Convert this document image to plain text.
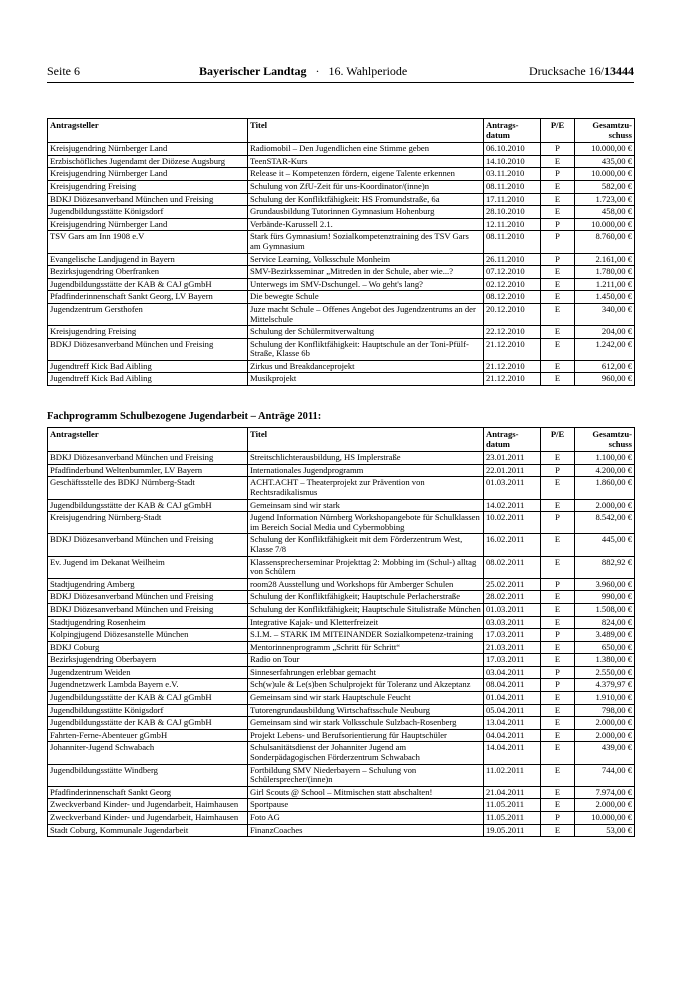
Seite 6	Bayerischer Landtag · 16. Wahlperiode	Drucksache 16/13444
Antragsteller	Titel	Antrags-datum	P/E	Gesamtzu-schuss
Kreisjugendring Nürnberger Land	Radiomobil – Den Jugendlichen eine Stimme geben	06.10.2010	P	10.000,00 €
Erzbischöfliches Jugendamt der Diözese Augsburg	TeenSTAR-Kurs	14.10.2010	E	435,00 €
Kreisjugendring Nürnberger Land	Release it – Kompetenzen fördern, eigene Talente erkennen	03.11.2010	P	10.000,00 €
Kreisjugendring Freising	Schulung von ZfU-Zeit für uns-Koordinator/(inne)n	08.11.2010	E	582,00 €
BDKJ Diözesanverband München und Freising	Schulung der Konfliktfähigkeit: HS Fromundstraße, 6a	17.11.2010	E	1.723,00 €
Jugendbildungsstätte Königsdorf	Grundausbildung Tutorinnen Gymnasium Hohenburg	28.10.2010	E	458,00 €
Kreisjugendring Nürnberger Land	Verbände-Karussell 2.1.	12.11.2010	P	10.000,00 €
TSV Gars am Inn 1908 e.V	Stark fürs Gymnasium! Sozialkompetenztraining des TSV Gars am Gymnasium	08.11.2010	P	8.760,00 €
Evangelische Landjugend in Bayern	Service Learning, Volksschule Monheim	26.11.2010	P	2.161,00 €
Bezirksjugendring Oberfranken	SMV-Bezirksseminar „Mitreden in der Schule, aber wie...?	07.12.2010	E	1.780,00 €
Jugendbildungsstätte der KAB & CAJ gGmbH	Unterwegs im SMV-Dschungel. – Wo geht's lang?	02.12.2010	E	1.211,00 €
Pfadfinderinnenschaft Sankt Georg, LV Bayern	Die bewegte Schule	08.12.2010	E	1.450,00 €
Jugendzentrum Gersthofen	Juze macht Schule – Offenes Angebot des Jugendzentrums an der Mittelschule	20.12.2010	E	340,00 €
Kreisjugendring Freising	Schulung der Schülermitverwaltung	22.12.2010	E	204,00 €
BDKJ Diözesanverband München und Freising	Schulung der Konfliktfähigkeit: Hauptschule an der Toni-Pfülf-Straße, Klasse 6b	21.12.2010	E	1.242,00 €
Jugendtreff Kick Bad Aibling	Zirkus und Breakdanceprojekt	21.12.2010	E	612,00 €
Jugendtreff Kick Bad Aibling	Musikprojekt	21.12.2010	E	960,00 €
Fachprogramm Schulbezogene Jugendarbeit – Anträge 2011:
Antragsteller	Titel	Antrags-datum	P/E	Gesamtzu-schuss
BDKJ Diözesanverband München und Freising	Streitschlichterausbildung, HS Implerstraße	23.01.2011	E	1.100,00 €
Pfadfinderbund Weltenbummler, LV Bayern	Internationales Jugendprogramm	22.01.2011	P	4.200,00 €
Geschäftsstelle des BDKJ Nürnberg-Stadt	ACHT.ACHT – Theaterprojekt zur Prävention von Rechtsradikalismus	01.03.2011	E	1.860,00 €
Jugendbildungsstätte der KAB & CAJ gGmbH	Gemeinsam sind wir stark	14.02.2011	E	2.000,00 €
Kreisjugendring Nürnberg-Stadt	Jugend Information Nürnberg Workshopangebote für Schulklassen im Bereich Social Media und Cybermobbing	10.02.2011	P	8.542,00 €
BDKJ Diözesanverband München und Freising	Schulung der Konfliktfähigkeit mit dem Förderzentrum West, Klasse 7/8	16.02.2011	E	445,00 €
Ev. Jugend im Dekanat Weilheim	Klassensprecherseminar Projekttag 2: Mobbing im (Schul-) alltag von Schülern	08.02.2011	E	882,92 €
Stadtjugendring Amberg	room28 Ausstellung und Workshops für Amberger Schulen	25.02.2011	P	3.960,00 €
BDKJ Diözesanverband München und Freising	Schulung der Konfliktfähigkeit; Hauptschule Perlacherstraße	28.02.2011	E	990,00 €
BDKJ Diözesanverband München und Freising	Schulung der Konfliktfähigkeit; Hauptschule Situlistraße München	01.03.2011	E	1.508,00 €
Stadtjugendring Rosenheim	Integrative Kajak- und Kletterfreizeit	03.03.2011	E	824,00 €
Kolpingjugend Diözesanstelle München	S.I.M. – STARK IM MITEINANDER Sozialkompetenz-training	17.03.2011	P	3.489,00 €
BDKJ Coburg	Mentorinnenprogramm „Schritt für Schritt“	21.03.2011	E	650,00 €
Bezirksjugendring Oberbayern	Radio on Tour	17.03.2011	E	1.380,00 €
Jugendzentrum Weiden	Sinneserfahrungen erlebbar gemacht	03.04.2011	P	2.550,00 €
Jugendnetzwerk Lambda Bayern e.V.	Sch(w)ule & Le(s)ben Schulprojekt für Toleranz und Akzeptanz	08.04.2011	P	4.379,97 €
Jugendbildungsstätte der KAB & CAJ gGmbH	Gemeinsam sind wir stark Hauptschule Feucht	01.04.2011	E	1.910,00 €
Jugendbildungsstätte Königsdorf	Tutorengrundausbildung Wirtschaftsschule Neuburg	05.04.2011	E	798,00 €
Jugendbildungsstätte der KAB & CAJ gGmbH	Gemeinsam sind wir stark Volksschule Sulzbach-Rosenberg	13.04.2011	E	2.000,00 €
Fahrten-Ferne-Abenteuer gGmbH	Projekt Lebens- und Berufsorientierung für Hauptschüler	04.04.2011	E	2.000,00 €
Johanniter-Jugend Schwabach	Schulsanitätsdienst der Johanniter Jugend am Sonderpädagogischen Förderzentrum Schwabach	14.04.2011	E	439,00 €
Jugendbildungsstätte Windberg	Fortbildung SMV Niederbayern – Schulung von Schülersprecher/(inne)n	11.02.2011	E	744,00 €
Pfadfinderinnenschaft Sankt Georg	Girl Scouts @ School – Mitmischen statt abschalten!	21.04.2011	E	7.974,00 €
Zweckverband Kinder- und Jugendarbeit, Haimhausen	Sportpause	11.05.2011	E	2.000,00 €
Zweckverband Kinder- und Jugendarbeit, Haimhausen	Foto AG	11.05.2011	P	10.000,00 €
Stadt Coburg, Kommunale Jugendarbeit	FinanzCoaches	19.05.2011	E	53,00 €
